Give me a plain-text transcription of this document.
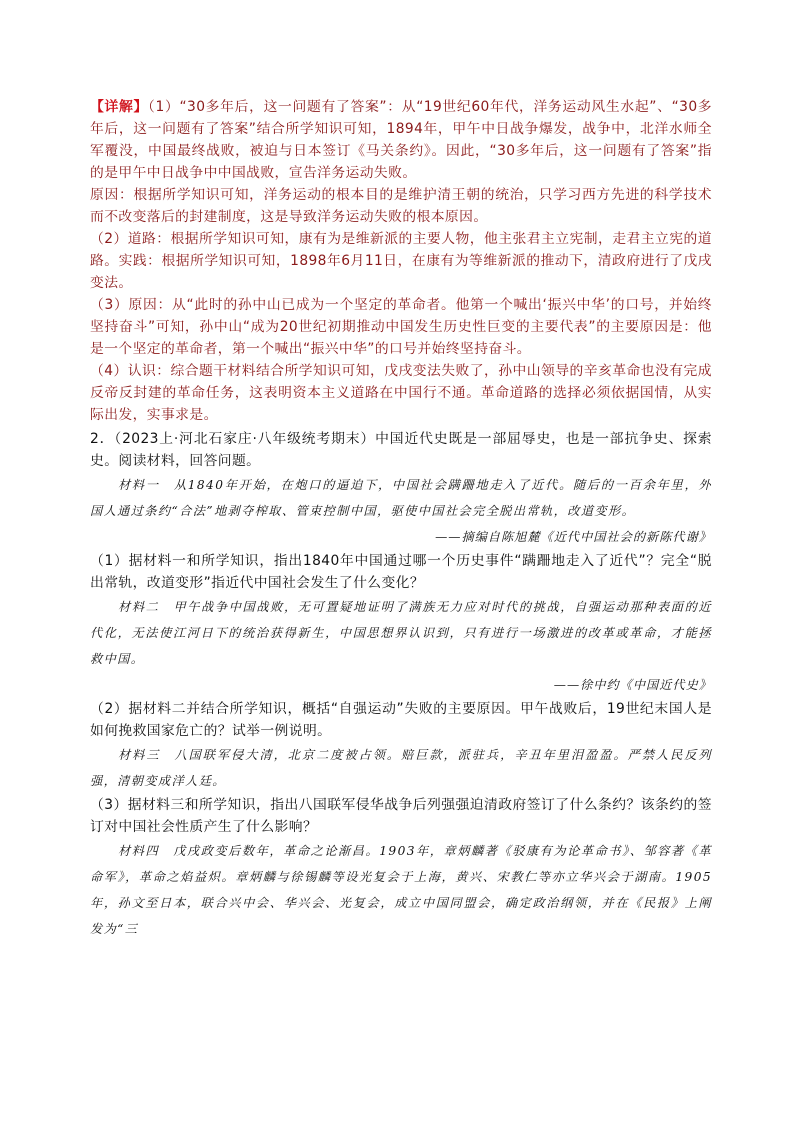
【详解】（1）“30多年后，这一问题有了答案”：从“19世纪60年代，洋务运动风生水起”、“30多年后，这一问题有了答案”结合所学知识可知，1894年，甲午中日战争爆发，战争中，北洋水师全军覆没，中国最终战败，被迫与日本签订《马关条约》。因此，“30多年后，这一问题有了答案”指的是甲午中日战争中中国战败，宣告洋务运动失败。

原因：根据所学知识可知，洋务运动的根本目的是维护清王朝的统治，只学习西方先进的科学技术而不改变落后的封建制度，这是导致洋务运动失败的根本原因。

（2）道路：根据所学知识可知，康有为是维新派的主要人物，他主张君主立宪制，走君主立宪的道路。实践：根据所学知识可知，1898年6月11日，在康有为等维新派的推动下，清政府进行了戊戌变法。

（3）原因：从“此时的孙中山已成为一个坚定的革命者。他第一个喊出‘振兴中华’的口号，并始终坚持奋斗”可知，孙中山“成为20世纪初期推动中国发生历史性巨变的主要代表”的主要原因是：他是一个坚定的革命者，第一个喊出“振兴中华”的口号并始终坚持奋斗。

（4）认识：综合题干材料结合所学知识可知，戊戌变法失败了，孙中山领导的辛亥革命也没有完成反帝反封建的革命任务，这表明资本主义道路在中国行不通。革命道路的选择必须依据国情，从实际出发，实事求是。

2．（2023上·河北石家庄·八年级统考期末）中国近代史既是一部屈辱史，也是一部抗争史、探索史。阅读材料，回答问题。

材料一 从1840年开始，在炮口的逼迫下，中国社会蹒跚地走入了近代。随后的一百余年里，外国人通过条约“合法”地剥夺榨取、管束控制中国，驱使中国社会完全脱出常轨，改道变形。

——摘编自陈旭麓《近代中国社会的新陈代谢》

（1）据材料一和所学知识，指出1840年中国通过哪一个历史事件“蹒跚地走入了近代”？完全“脱出常轨，改道变形”指近代中国社会发生了什么变化？

材料二 甲午战争中国战败，无可置疑地证明了满族无力应对时代的挑战，自强运动那种表面的近代化，无法使江河日下的统治获得新生，中国思想界认识到，只有进行一场激进的改革或革命，才能拯救中国。

——徐中约《中国近代史》

（2）据材料二并结合所学知识，概括“自强运动”失败的主要原因。甲午战败后，19世纪末国人是如何挽救国家危亡的？试举一例说明。

材料三 八国联军侵大清，北京二度被占领。赔巨款，派驻兵，辛丑年里泪盈盈。严禁人民反列强，清朝变成洋人廷。

（3）据材料三和所学知识，指出八国联军侵华战争后列强强迫清政府签订了什么条约？该条约的签订对中国社会性质产生了什么影响？

材料四 戊戌政变后数年，革命之论渐昌。1903年，章炳麟著《驳康有为论革命书》、邹容著《革命军》，革命之焰益炽。章炳麟与徐锡麟等设光复会于上海，黄兴、宋教仁等亦立华兴会于湖南。1905年，孙文至日本，联合兴中会、华兴会、光复会，成立中国同盟会，确定政治纲领，并在《民报》上阐发为“三
